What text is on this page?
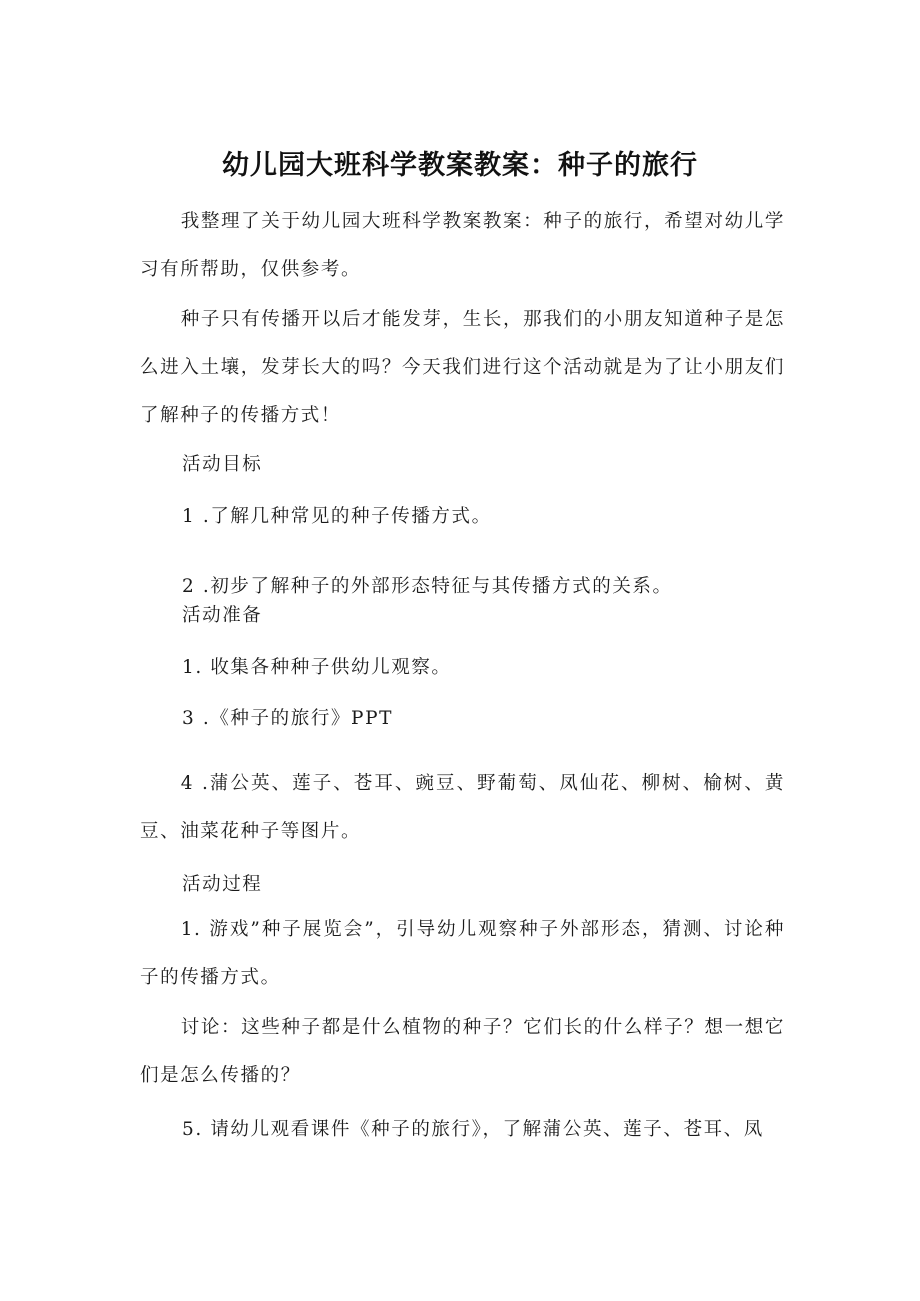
幼儿园大班科学教案教案：种子的旅行

我整理了关于幼儿园大班科学教案教案：种子的旅行，希望对幼儿学习有所帮助，仅供参考。

种子只有传播开以后才能发芽，生长，那我们的小朋友知道种子是怎么进入土壤，发芽长大的吗？今天我们进行这个活动就是为了让小朋友们了解种子的传播方式！

活动目标
1 .了解几种常见的种子传播方式。
2 .初步了解种子的外部形态特征与其传播方式的关系。
活动准备
1. 收集各种种子供幼儿观察。
3 .《种子的旅行》PPT

4 .蒲公英、莲子、苍耳、豌豆、野葡萄、凤仙花、柳树、榆树、黄豆、油菜花种子等图片。

活动过程

1. 游戏”种子展览会”，引导幼儿观察种子外部形态，猜测、讨论种子的传播方式。

讨论：这些种子都是什么植物的种子？它们长的什么样子？想一想它们是怎么传播的？

5. 请幼儿观看课件《种子的旅行》，了解蒲公英、莲子、苍耳、凤
